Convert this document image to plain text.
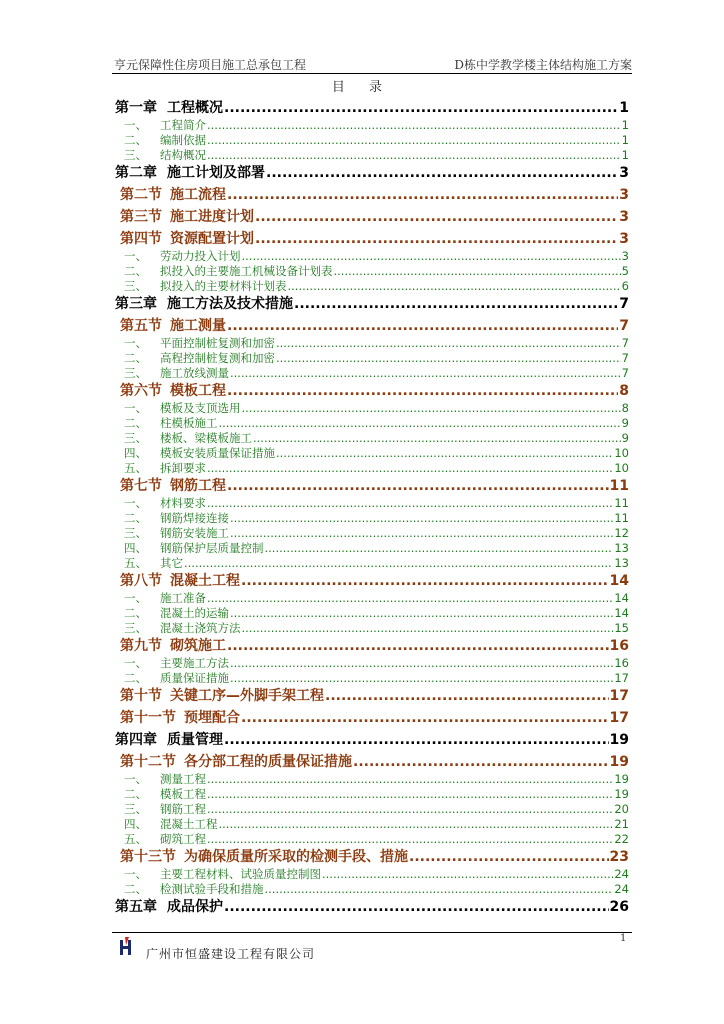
亨元保障性住房项目施工总承包工程	D栋中学教学楼主体结构施工方案
目 录
第一章 工程概况 .....	1
一、	工程简介 .....	1
二、	编制依据 .....	1
三、	结构概况 .....	1
第二章 施工计划及部署 .....	3
第二节 施工流程 .....	3
第三节 施工进度计划 .....	3
第四节 资源配置计划 .....	3
一、	劳动力投入计划 .....	3
二、	拟投入的主要施工机械设备计划表 .....	5
三、	拟投入的主要材料计划表 .....	6
第三章 施工方法及技术措施 .....	7
第五节 施工测量 .....	7
一、	平面控制桩复测和加密 .....	7
二、	高程控制桩复测和加密 .....	7
三、	施工放线测量 .....	7
第六节 模板工程 .....	8
一、	模板及支顶选用 .....	8
二、	柱模板施工 .....	9
三、	楼板、梁模板施工 .....	9
四、	模板安装质量保证措施 .....	10
五、	拆卸要求 .....	10
第七节 钢筋工程 .....	11
一、	材料要求 .....	11
二、	钢筋焊接连接 .....	11
三、	钢筋安装施工 .....	12
四、	钢筋保护层质量控制 .....	13
五、	其它 .....	13
第八节 混凝土工程 .....	14
一、	施工准备 .....	14
二、	混凝土的运输 .....	14
三、	混凝土浇筑方法 .....	15
第九节 砌筑施工 .....	16
一、	主要施工方法 .....	16
二、	质量保证措施 .....	17
第十节 关键工序—外脚手架工程 .....	17
第十一节 预埋配合 .....	17
第四章 质量管理 .....	19
第十二节 各分部工程的质量保证措施 .....	19
一、	测量工程 .....	19
二、	模板工程 .....	19
三、	钢筋工程 .....	20
四、	混凝土工程 .....	21
五、	砌筑工程 .....	22
第十三节 为确保质量所采取的检测手段、措施 .....	23
一、	主要工程材料、试验质量控制图 .....	24
二、	检测试验手段和措施 .....	24
第五章 成品保护 .....	26
1
广州市恒盛建设工程有限公司
